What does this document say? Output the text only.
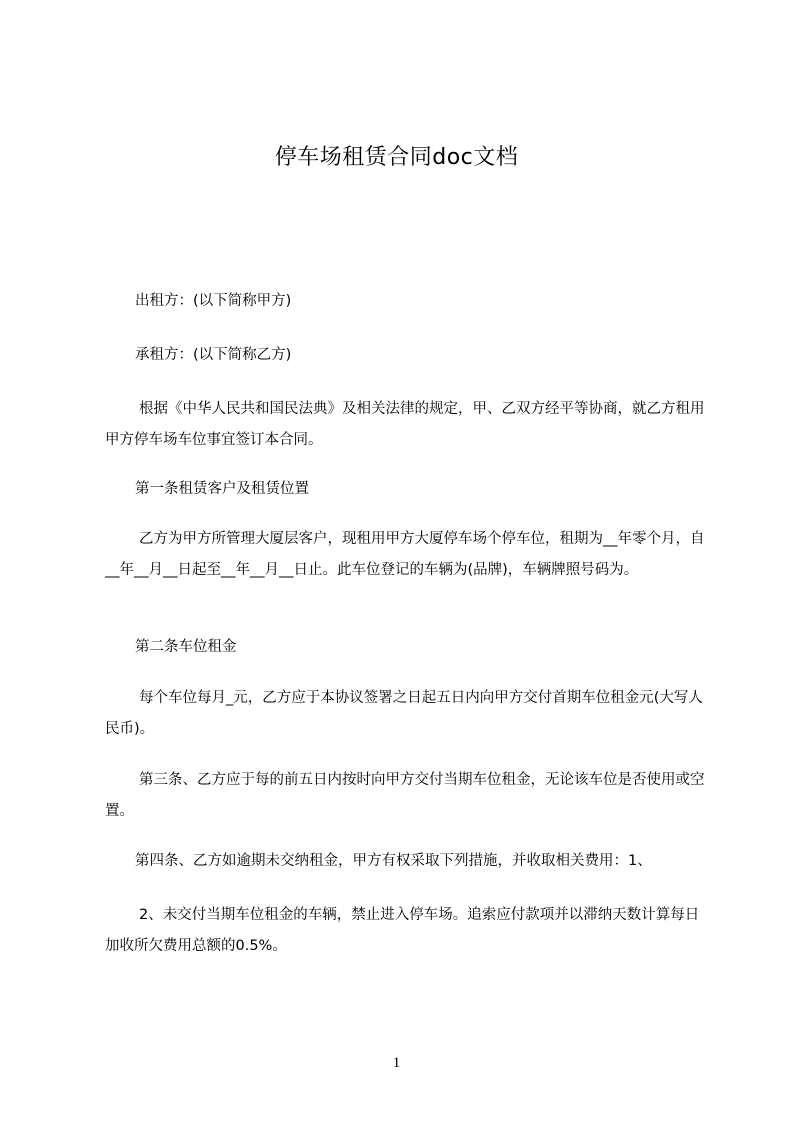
停车场租赁合同doc文档

出租方：(以下简称甲方)

承租方：(以下简称乙方)

根据《中华人民共和国民法典》及相关法律的规定，甲、乙双方经平等协商，就乙方租用甲方停车场车位事宜签订本合同。

第一条租赁客户及租赁位置

乙方为甲方所管理大厦层客户，现租用甲方大厦停车场个停车位，租期为__年零个月，自__年__月__日起至__年__月__日止。此车位登记的车辆为(品牌)，车辆牌照号码为。

第二条车位租金

每个车位每月_元，乙方应于本协议签署之日起五日内向甲方交付首期车位租金元(大写人民币)。

第三条、乙方应于每的前五日内按时向甲方交付当期车位租金，无论该车位是否使用或空置。

第四条、乙方如逾期未交纳租金，甲方有权采取下列措施，并收取相关费用：1、

2、未交付当期车位租金的车辆，禁止进入停车场。追索应付款项并以滞纳天数计算每日加收所欠费用总额的0.5%。

1
